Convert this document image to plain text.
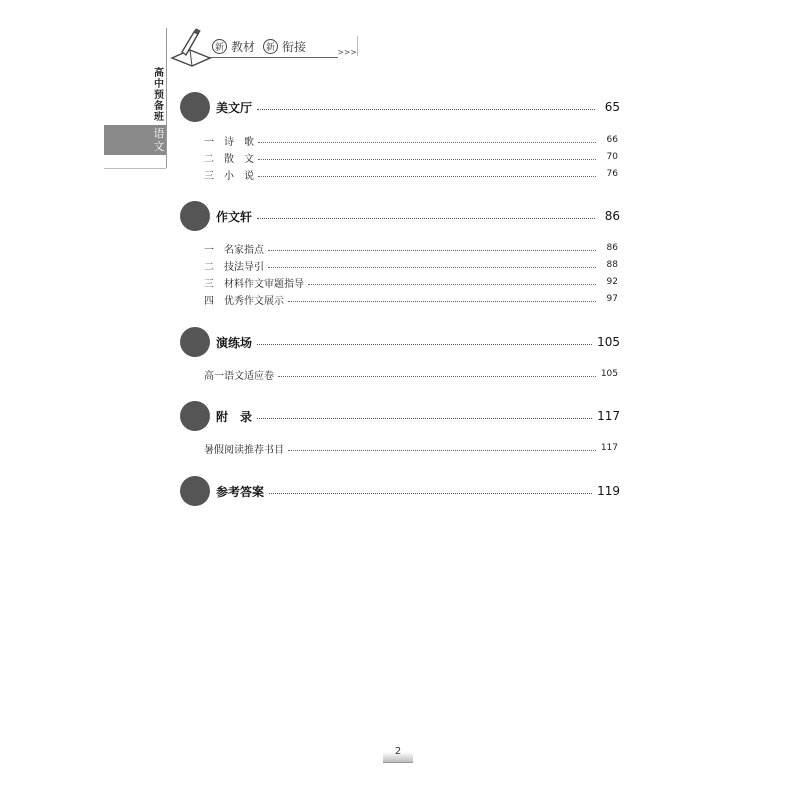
>>>
新 教材	新 衔接
高中预备班
语文
美文厅	65
一	诗　歌	66
二	散　文	70
三	小　说	76
作文轩	86
一	名家指点	86
二	技法导引	88
三	材料作文审题指导	92
四	优秀作文展示	97
演练场	105
高一语文适应卷	105
附　录	117
暑假阅读推荐书目	117
参考答案	119
2
